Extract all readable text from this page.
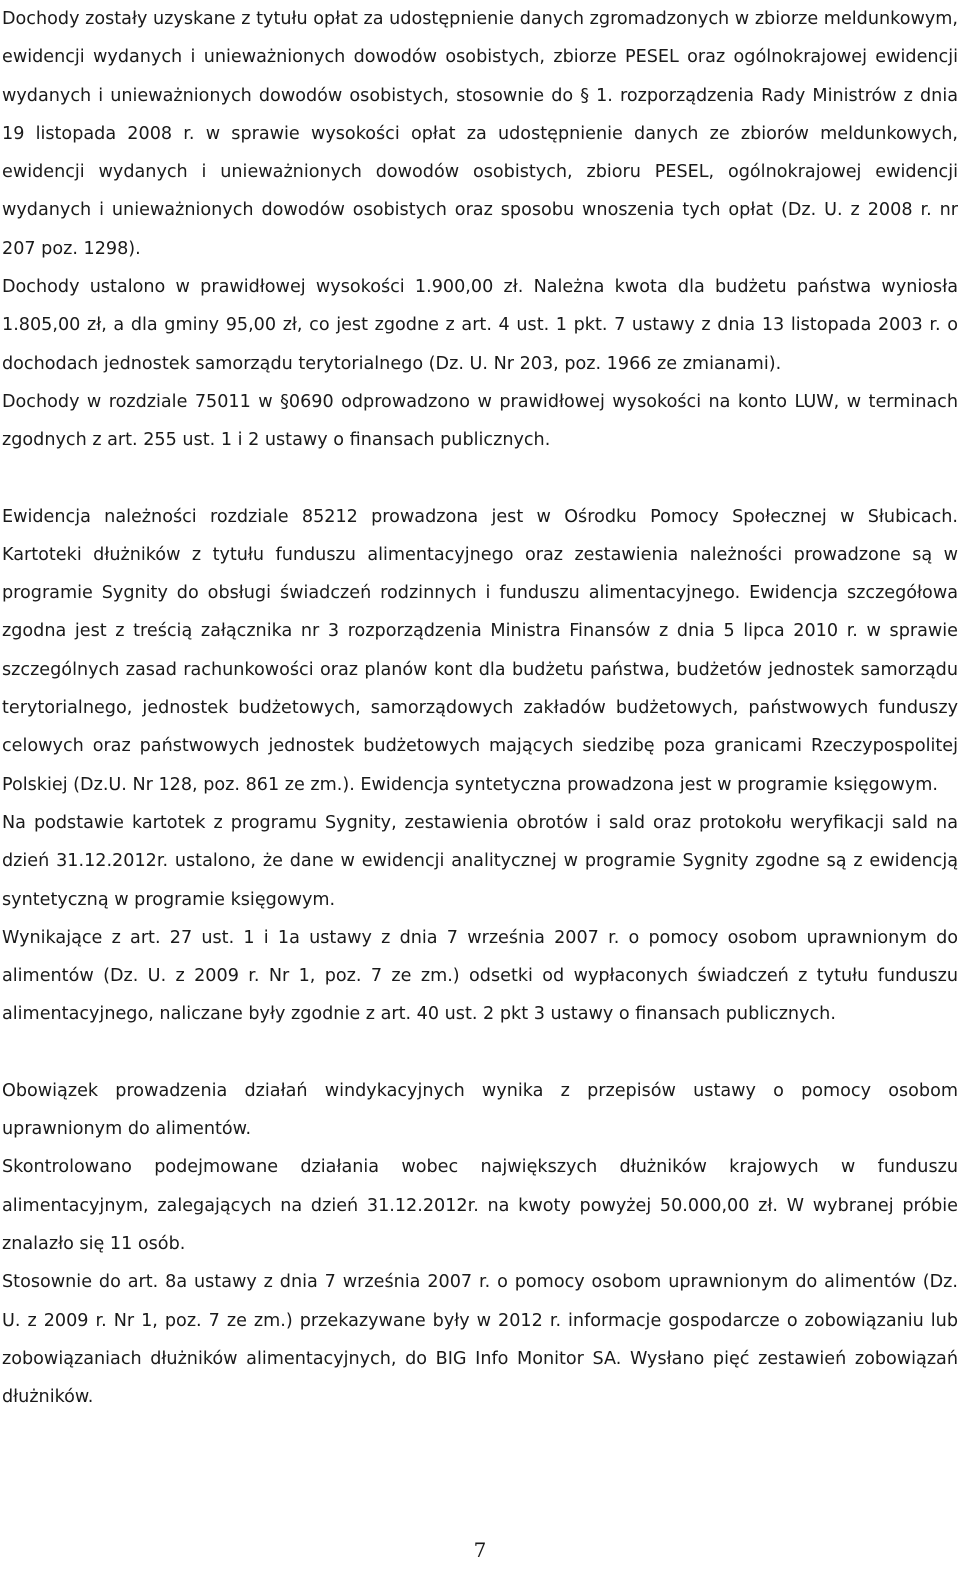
Dochody zostały uzyskane z tytułu opłat za udostępnienie danych zgromadzonych w zbiorze meldunkowym, ewidencji wydanych i unieważnionych dowodów osobistych, zbiorze PESEL oraz ogólnokrajowej ewidencji wydanych i unieważnionych dowodów osobistych, stosownie do § 1. rozporządzenia Rady Ministrów z dnia 19 listopada 2008 r. w sprawie wysokości opłat za udostępnienie danych ze zbiorów meldunkowych, ewidencji wydanych i unieważnionych dowodów osobistych, zbioru PESEL, ogólnokrajowej ewidencji wydanych i unieważnionych dowodów osobistych oraz sposobu wnoszenia tych opłat (Dz. U. z 2008 r. nr 207 poz. 1298).

Dochody ustalono w prawidłowej wysokości 1.900,00 zł. Należna kwota dla budżetu państwa wyniosła 1.805,00 zł, a dla gminy 95,00 zł, co jest zgodne z art. 4 ust. 1 pkt. 7 ustawy z dnia 13 listopada 2003 r. o dochodach jednostek samorządu terytorialnego (Dz. U. Nr 203, poz. 1966 ze zmianami).

Dochody w rozdziale 75011 w §0690 odprowadzono w prawidłowej wysokości na konto LUW, w terminach zgodnych z art. 255 ust. 1 i 2 ustawy o finansach publicznych.

Ewidencja należności rozdziale 85212 prowadzona jest w Ośrodku Pomocy Społecznej w Słubicach. Kartoteki dłużników z tytułu funduszu alimentacyjnego oraz zestawienia należności prowadzone są w programie Sygnity do obsługi świadczeń rodzinnych i funduszu alimentacyjnego. Ewidencja szczegółowa zgodna jest z treścią załącznika nr 3 rozporządzenia Ministra Finansów z dnia 5 lipca 2010 r. w sprawie szczególnych zasad rachunkowości oraz planów kont dla budżetu państwa, budżetów jednostek samorządu terytorialnego, jednostek budżetowych, samorządowych zakładów budżetowych, państwowych funduszy celowych oraz państwowych jednostek budżetowych mających siedzibę poza granicami Rzeczypospolitej Polskiej (Dz.U. Nr 128, poz. 861 ze zm.). Ewidencja syntetyczna prowadzona jest w programie księgowym.

Na podstawie kartotek z programu Sygnity, zestawienia obrotów i sald oraz protokołu weryfikacji sald na dzień 31.12.2012r. ustalono, że dane w ewidencji analitycznej w programie Sygnity zgodne są z ewidencją syntetyczną w programie księgowym.

Wynikające z art. 27 ust. 1 i 1a ustawy z dnia 7 września 2007 r. o pomocy osobom uprawnionym do alimentów (Dz. U. z 2009 r. Nr 1, poz. 7 ze zm.) odsetki od wypłaconych świadczeń z tytułu funduszu alimentacyjnego, naliczane były zgodnie z art. 40 ust. 2 pkt 3 ustawy o finansach publicznych.

Obowiązek prowadzenia działań windykacyjnych wynika z przepisów ustawy o pomocy osobom uprawnionym do alimentów.

Skontrolowano podejmowane działania wobec największych dłużników krajowych w funduszu alimentacyjnym, zalegających na dzień 31.12.2012r. na kwoty powyżej 50.000,00 zł. W wybranej próbie znalazło się 11 osób.

Stosownie do art. 8a ustawy z dnia 7 września 2007 r. o pomocy osobom uprawnionym do alimentów (Dz. U. z 2009 r. Nr 1, poz. 7 ze zm.) przekazywane były w 2012 r. informacje gospodarcze o zobowiązaniu lub zobowiązaniach dłużników alimentacyjnych, do BIG Info Monitor SA. Wysłano pięć zestawień zobowiązań dłużników.

7
